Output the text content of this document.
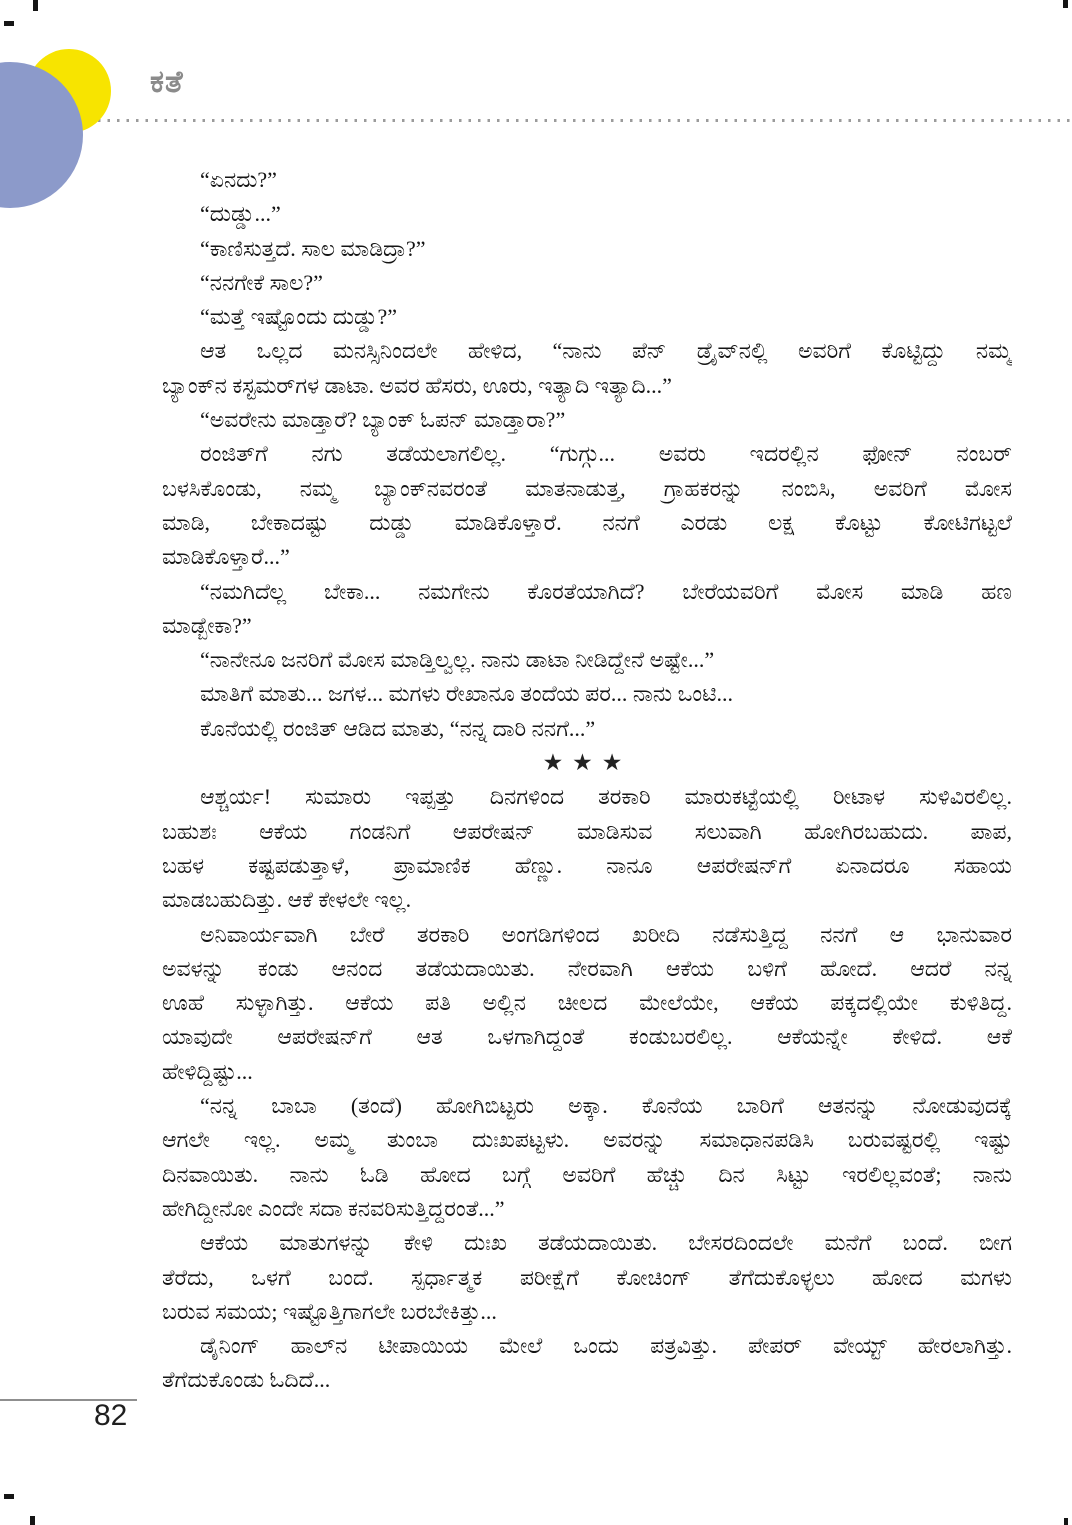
ಕತೆ
“ಏನದು?”
“ದುಡ್ಡು...”
“ಕಾಣಿಸುತ್ತದೆ. ಸಾಲ ಮಾಡಿದ್ರಾ?”
“ನನಗೇಕೆ ಸಾಲ?”
“ಮತ್ತೆ ಇಷ್ಟೊಂದು ದುಡ್ಡು?”
ಆತ ಒಲ್ಲದ ಮನಸ್ಸಿನಿಂದಲೇ ಹೇಳಿದ, “ನಾನು ಪೆನ್ ಡ್ರೈವ್‌ನಲ್ಲಿ ಅವರಿಗೆ ಕೊಟ್ಟಿದ್ದು ನಮ್ಮ
ಬ್ಯಾಂಕ್‌ನ ಕಸ್ಟಮರ್‌ಗಳ ಡಾಟಾ. ಅವರ ಹೆಸರು, ಊರು, ಇತ್ಯಾದಿ ಇತ್ಯಾದಿ...”
“ಅವರೇನು ಮಾಡ್ತಾರೆ? ಬ್ಯಾಂಕ್ ಓಪನ್ ಮಾಡ್ತಾರಾ?”
ರಂಜಿತ್‌ಗೆ ನಗು ತಡೆಯಲಾಗಲಿಲ್ಲ. “ಗುಗ್ಗು... ಅವರು ಇದರಲ್ಲಿನ ಫೋನ್ ನಂಬರ್
ಬಳಸಿಕೊಂಡು, ನಮ್ಮ ಬ್ಯಾಂಕ್‌ನವರಂತೆ ಮಾತನಾಡುತ್ತ, ಗ್ರಾಹಕರನ್ನು ನಂಬಿಸಿ, ಅವರಿಗೆ ಮೋಸ
ಮಾಡಿ, ಬೇಕಾದಷ್ಟು ದುಡ್ಡು ಮಾಡಿಕೊಳ್ತಾರೆ. ನನಗೆ ಎರಡು ಲಕ್ಷ ಕೊಟ್ಟು ಕೋಟಿಗಟ್ಟಲೆ
ಮಾಡಿಕೊಳ್ತಾರೆ...”
“ನಮಗಿದೆಲ್ಲ ಬೇಕಾ... ನಮಗೇನು ಕೊರತೆಯಾಗಿದೆ? ಬೇರೆಯವರಿಗೆ ಮೋಸ ಮಾಡಿ ಹಣ
ಮಾಡ್ಬೇಕಾ?”
“ನಾನೇನೂ ಜನರಿಗೆ ಮೋಸ ಮಾಡ್ತಿಲ್ವಲ್ಲ. ನಾನು ಡಾಟಾ ನೀಡಿದ್ದೇನೆ ಅಷ್ಟೇ...”
ಮಾತಿಗೆ ಮಾತು... ಜಗಳ... ಮಗಳು ರೇಖಾನೂ ತಂದೆಯ ಪರ... ನಾನು ಒಂಟಿ...
ಕೊನೆಯಲ್ಲಿ ರಂಜಿತ್ ಆಡಿದ ಮಾತು, “ನನ್ನ ದಾರಿ ನನಗೆ...”
★★★
ಆಶ್ಚರ್ಯ! ಸುಮಾರು ಇಪ್ಪತ್ತು ದಿನಗಳಿಂದ ತರಕಾರಿ ಮಾರುಕಟ್ಟೆಯಲ್ಲಿ ರೀಟಾಳ ಸುಳಿವಿರಲಿಲ್ಲ.
ಬಹುಶಃ ಆಕೆಯ ಗಂಡನಿಗೆ ಆಪರೇಷನ್ ಮಾಡಿಸುವ ಸಲುವಾಗಿ ಹೋಗಿರಬಹುದು. ಪಾಪ,
ಬಹಳ ಕಷ್ಟಪಡುತ್ತಾಳೆ, ಪ್ರಾಮಾಣಿಕ ಹೆಣ್ಣು. ನಾನೂ ಆಪರೇಷನ್‌ಗೆ ಏನಾದರೂ ಸಹಾಯ
ಮಾಡಬಹುದಿತ್ತು. ಆಕೆ ಕೇಳಲೇ ಇಲ್ಲ.
ಅನಿವಾರ್ಯವಾಗಿ ಬೇರೆ ತರಕಾರಿ ಅಂಗಡಿಗಳಿಂದ ಖರೀದಿ ನಡೆಸುತ್ತಿದ್ದ ನನಗೆ ಆ ಭಾನುವಾರ
ಅವಳನ್ನು ಕಂಡು ಆನಂದ ತಡೆಯದಾಯಿತು. ನೇರವಾಗಿ ಆಕೆಯ ಬಳಿಗೆ ಹೋದೆ. ಆದರೆ ನನ್ನ
ಊಹೆ ಸುಳ್ಳಾಗಿತ್ತು. ಆಕೆಯ ಪತಿ ಅಲ್ಲಿನ ಚೀಲದ ಮೇಲೆಯೇ, ಆಕೆಯ ಪಕ್ಕದಲ್ಲಿಯೇ ಕುಳಿತಿದ್ದ.
ಯಾವುದೇ ಆಪರೇಷನ್‌ಗೆ ಆತ ಒಳಗಾಗಿದ್ದಂತೆ ಕಂಡುಬರಲಿಲ್ಲ. ಆಕೆಯನ್ನೇ ಕೇಳಿದೆ. ಆಕೆ
ಹೇಳಿದ್ದಿಷ್ಟು...
“ನನ್ನ ಬಾಬಾ (ತಂದೆ) ಹೋಗಿಬಿಟ್ಟರು ಅಕ್ಕಾ. ಕೊನೆಯ ಬಾರಿಗೆ ಆತನನ್ನು ನೋಡುವುದಕ್ಕೆ
ಆಗಲೇ ಇಲ್ಲ. ಅಮ್ಮ ತುಂಬಾ ದುಃಖಪಟ್ಟಳು. ಅವರನ್ನು ಸಮಾಧಾನಪಡಿಸಿ ಬರುವಷ್ಟರಲ್ಲಿ ಇಷ್ಟು
ದಿನವಾಯಿತು. ನಾನು ಓಡಿ ಹೋದ ಬಗ್ಗೆ ಅವರಿಗೆ ಹೆಚ್ಚು ದಿನ ಸಿಟ್ಟು ಇರಲಿಲ್ಲವಂತೆ; ನಾನು
ಹೇಗಿದ್ದೀನೋ ಎಂದೇ ಸದಾ ಕನವರಿಸುತ್ತಿದ್ದರಂತೆ...”
ಆಕೆಯ ಮಾತುಗಳನ್ನು ಕೇಳಿ ದುಃಖ ತಡೆಯದಾಯಿತು. ಬೇಸರದಿಂದಲೇ ಮನೆಗೆ ಬಂದೆ. ಬೀಗ
ತೆರೆದು, ಒಳಗೆ ಬಂದೆ. ಸ್ಪರ್ಧಾತ್ಮಕ ಪರೀಕ್ಷೆಗೆ ಕೋಚಿಂಗ್ ತೆಗೆದುಕೊಳ್ಳಲು ಹೋದ ಮಗಳು
ಬರುವ ಸಮಯ; ಇಷ್ಟೊತ್ತಿಗಾಗಲೇ ಬರಬೇಕಿತ್ತು...
ಡೈನಿಂಗ್ ಹಾಲ್‌ನ ಟೀಪಾಯಿಯ ಮೇಲೆ ಒಂದು ಪತ್ರವಿತ್ತು. ಪೇಪರ್ ವೇಯ್ಟ್ ಹೇರಲಾಗಿತ್ತು.
ತೆಗೆದುಕೊಂಡು ಓದಿದೆ...
82
